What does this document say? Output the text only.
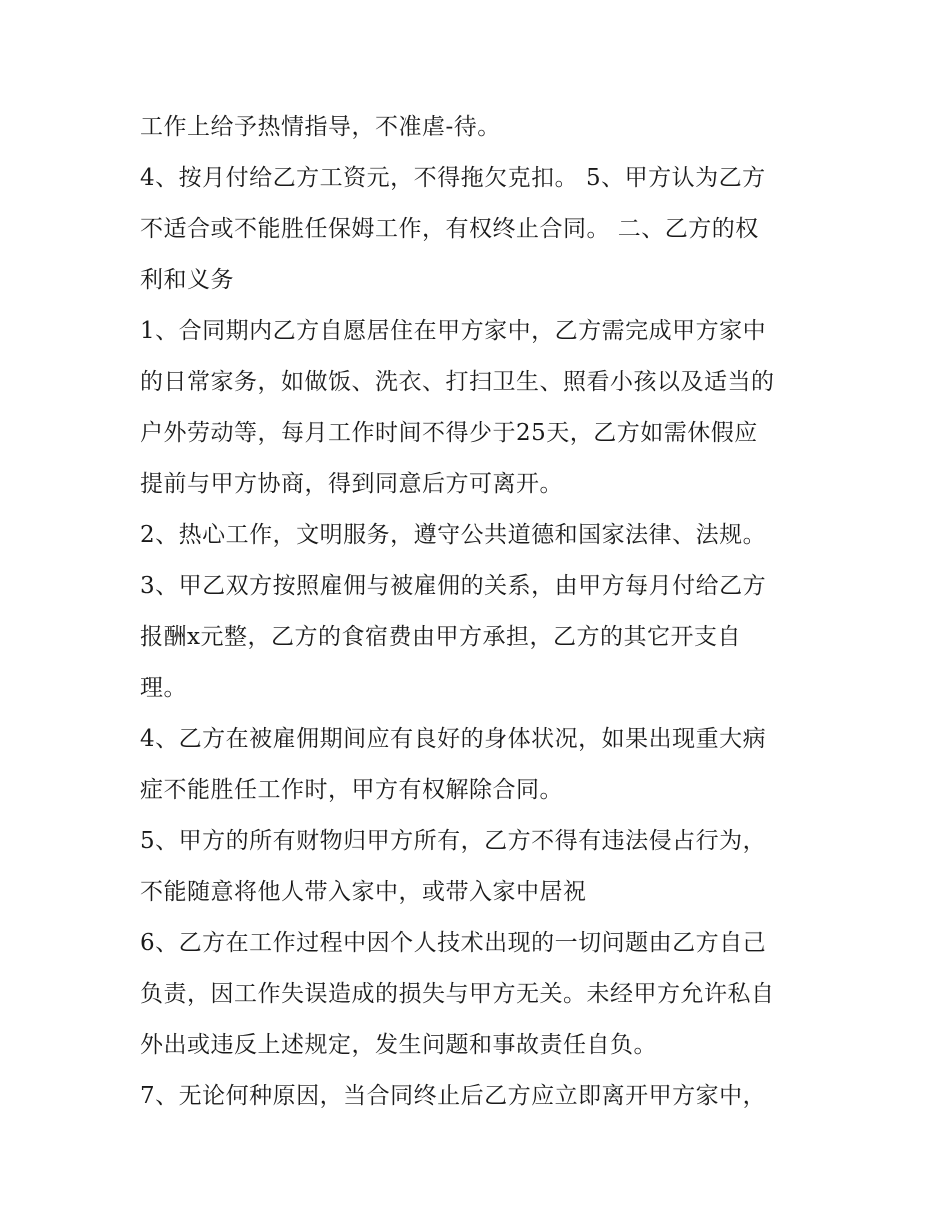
工作上给予热情指导，不准虐-待。
4、按月付给乙方工资元，不得拖欠克扣。 5、甲方认为乙方
不适合或不能胜任保姆工作，有权终止合同。 二、乙方的权
利和义务
1、合同期内乙方自愿居住在甲方家中，乙方需完成甲方家中
的日常家务，如做饭、洗衣、打扫卫生、照看小孩以及适当的
户外劳动等，每月工作时间不得少于25天，乙方如需休假应
提前与甲方协商，得到同意后方可离开。
2、热心工作，文明服务，遵守公共道德和国家法律、法规。
3、甲乙双方按照雇佣与被雇佣的关系，由甲方每月付给乙方
报酬x元整，乙方的食宿费由甲方承担，乙方的其它开支自
理。
4、乙方在被雇佣期间应有良好的身体状况，如果出现重大病
症不能胜任工作时，甲方有权解除合同。
5、甲方的所有财物归甲方所有，乙方不得有违法侵占行为，
不能随意将他人带入家中，或带入家中居祝
6、乙方在工作过程中因个人技术出现的一切问题由乙方自己
负责，因工作失误造成的损失与甲方无关。未经甲方允许私自
外出或违反上述规定，发生问题和事故责任自负。
7、无论何种原因，当合同终止后乙方应立即离开甲方家中，
